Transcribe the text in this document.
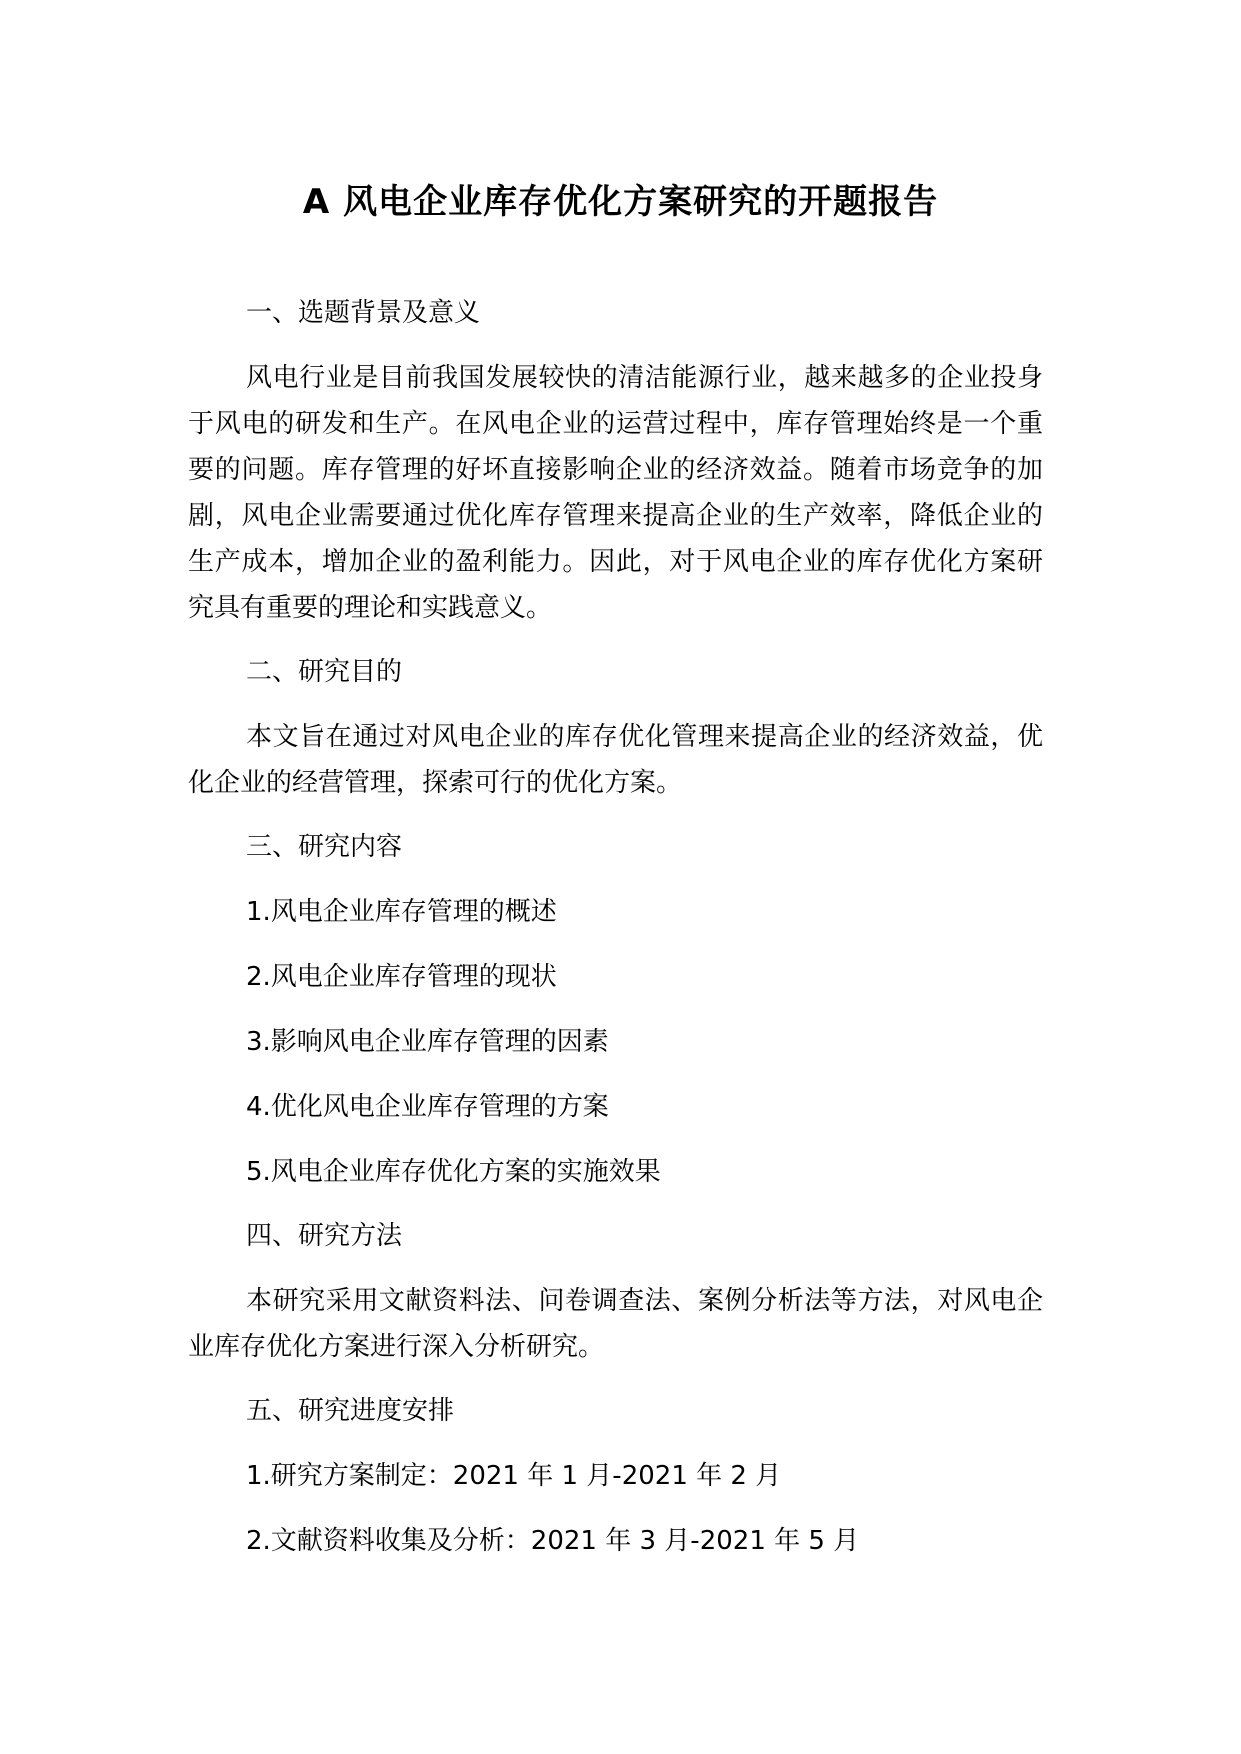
A 风电企业库存优化方案研究的开题报告

一、选题背景及意义

风电行业是目前我国发展较快的清洁能源行业，越来越多的企业投身于风电的研发和生产。在风电企业的运营过程中，库存管理始终是一个重要的问题。库存管理的好坏直接影响企业的经济效益。随着市场竞争的加剧，风电企业需要通过优化库存管理来提高企业的生产效率，降低企业的生产成本，增加企业的盈利能力。因此，对于风电企业的库存优化方案研究具有重要的理论和实践意义。

二、研究目的

本文旨在通过对风电企业的库存优化管理来提高企业的经济效益，优化企业的经营管理，探索可行的优化方案。

三、研究内容

1.风电企业库存管理的概述

2.风电企业库存管理的现状

3.影响风电企业库存管理的因素

4.优化风电企业库存管理的方案

5.风电企业库存优化方案的实施效果

四、研究方法

本研究采用文献资料法、问卷调查法、案例分析法等方法，对风电企业库存优化方案进行深入分析研究。

五、研究进度安排

1.研究方案制定：2021 年 1 月-2021 年 2 月

2.文献资料收集及分析：2021 年 3 月-2021 年 5 月
